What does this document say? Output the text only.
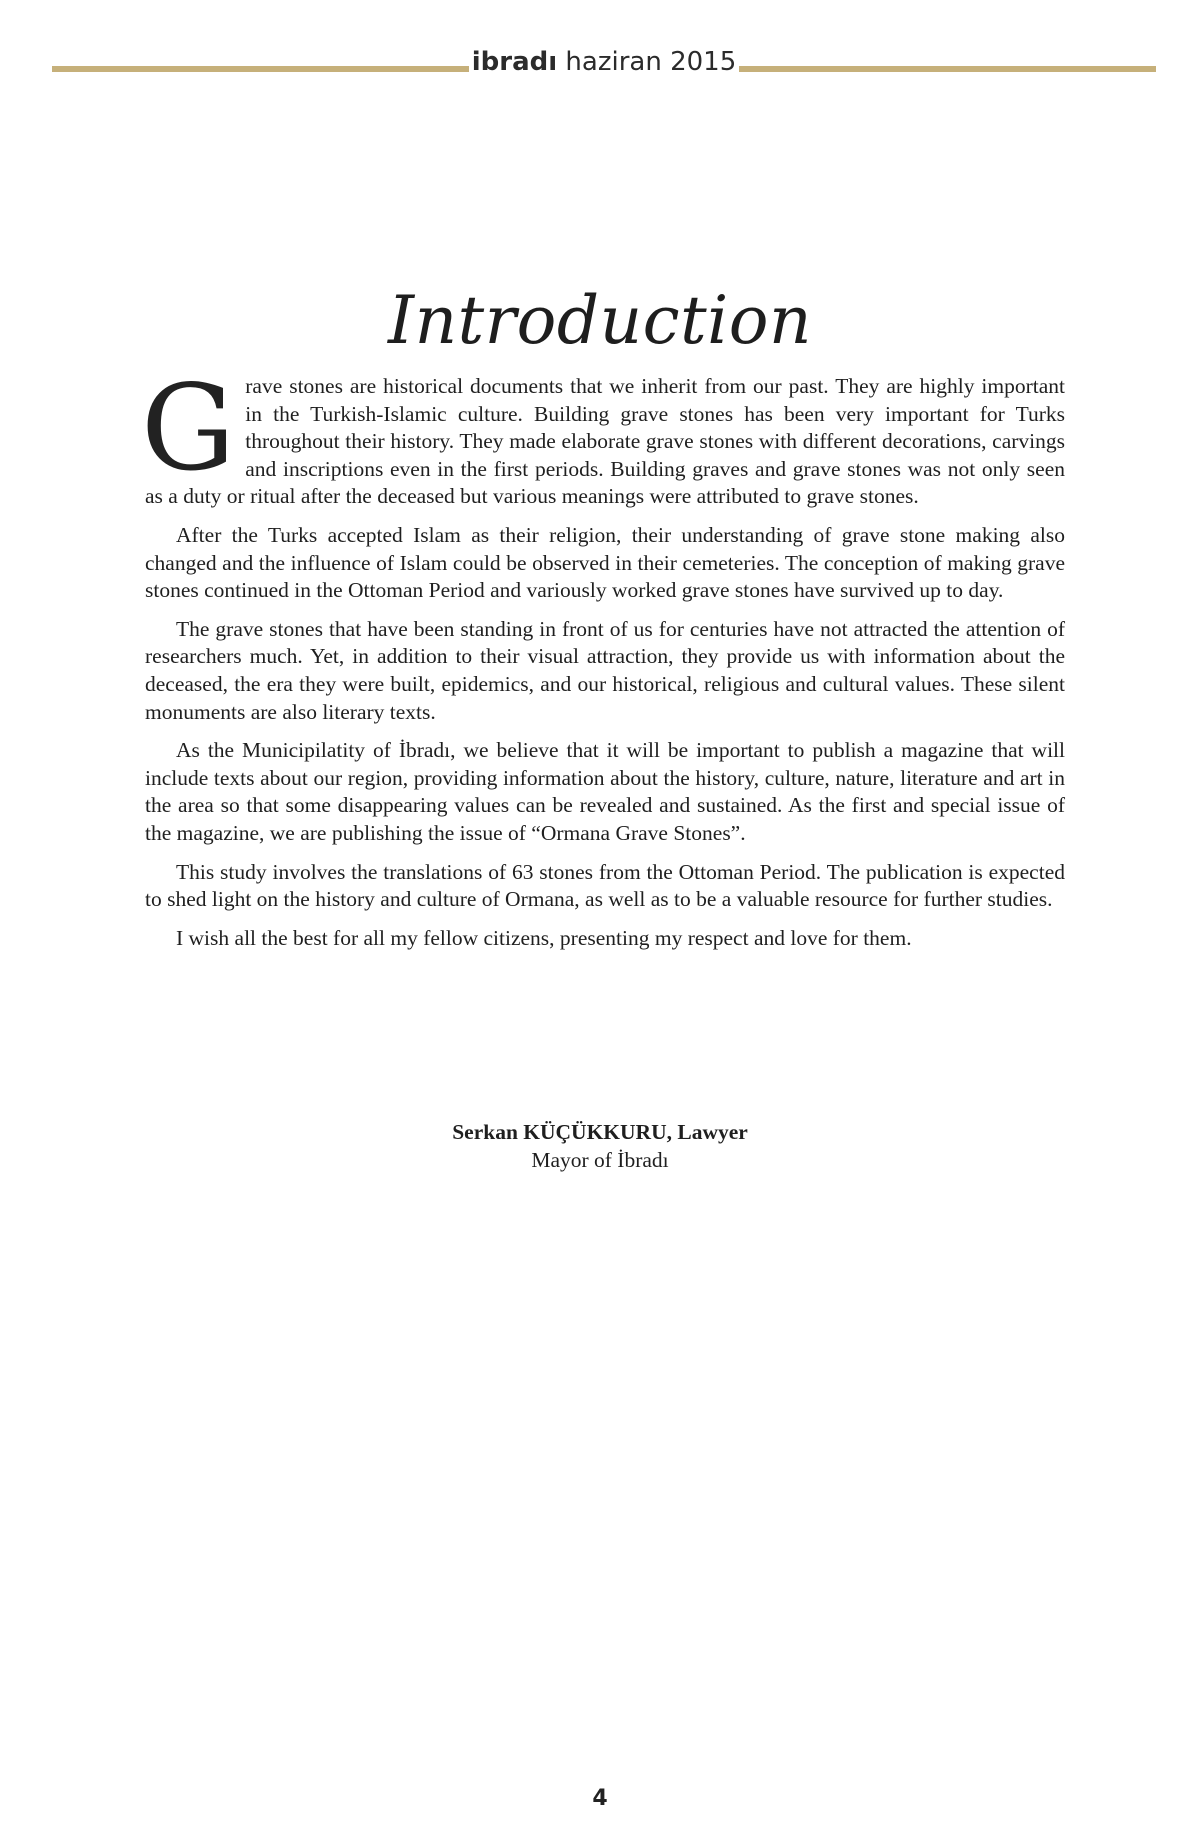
ibradı haziran 2015
Introduction

Grave stones are historical documents that we inherit from our past. They are highly important in the Turkish-Islamic culture. Building grave stones has been very important for Turks throughout their history. They made elaborate grave stones with different decorations, carvings and inscriptions even in the first periods. Building graves and grave stones was not only seen as a duty or ritual after the deceased but various meanings were attributed to grave stones.

After the Turks accepted Islam as their religion, their understanding of grave stone making also changed and the influence of Islam could be observed in their cemeteries. The conception of making grave stones continued in the Ottoman Period and variously worked grave stones have survived up to day.

The grave stones that have been standing in front of us for centuries have not attracted the attention of researchers much. Yet, in addition to their visual attraction, they provide us with information about the deceased, the era they were built, epidemics, and our historical, religious and cultural values. These silent monuments are also literary texts.

As the Municipilatity of İbradı, we believe that it will be important to publish a magazine that will include texts about our region, providing information about the history, culture, nature, literature and art in the area so that some disappearing values can be revealed and sustained. As the first and special issue of the magazine, we are publishing the issue of “Ormana Grave Stones”.

This study involves the translations of 63 stones from the Ottoman Period. The publication is expected to shed light on the history and culture of Ormana, as well as to be a valuable resource for further studies.

I wish all the best for all my fellow citizens, presenting my respect and love for them.

Serkan KÜÇÜKKURU, Lawyer
Mayor of İbradı
4
